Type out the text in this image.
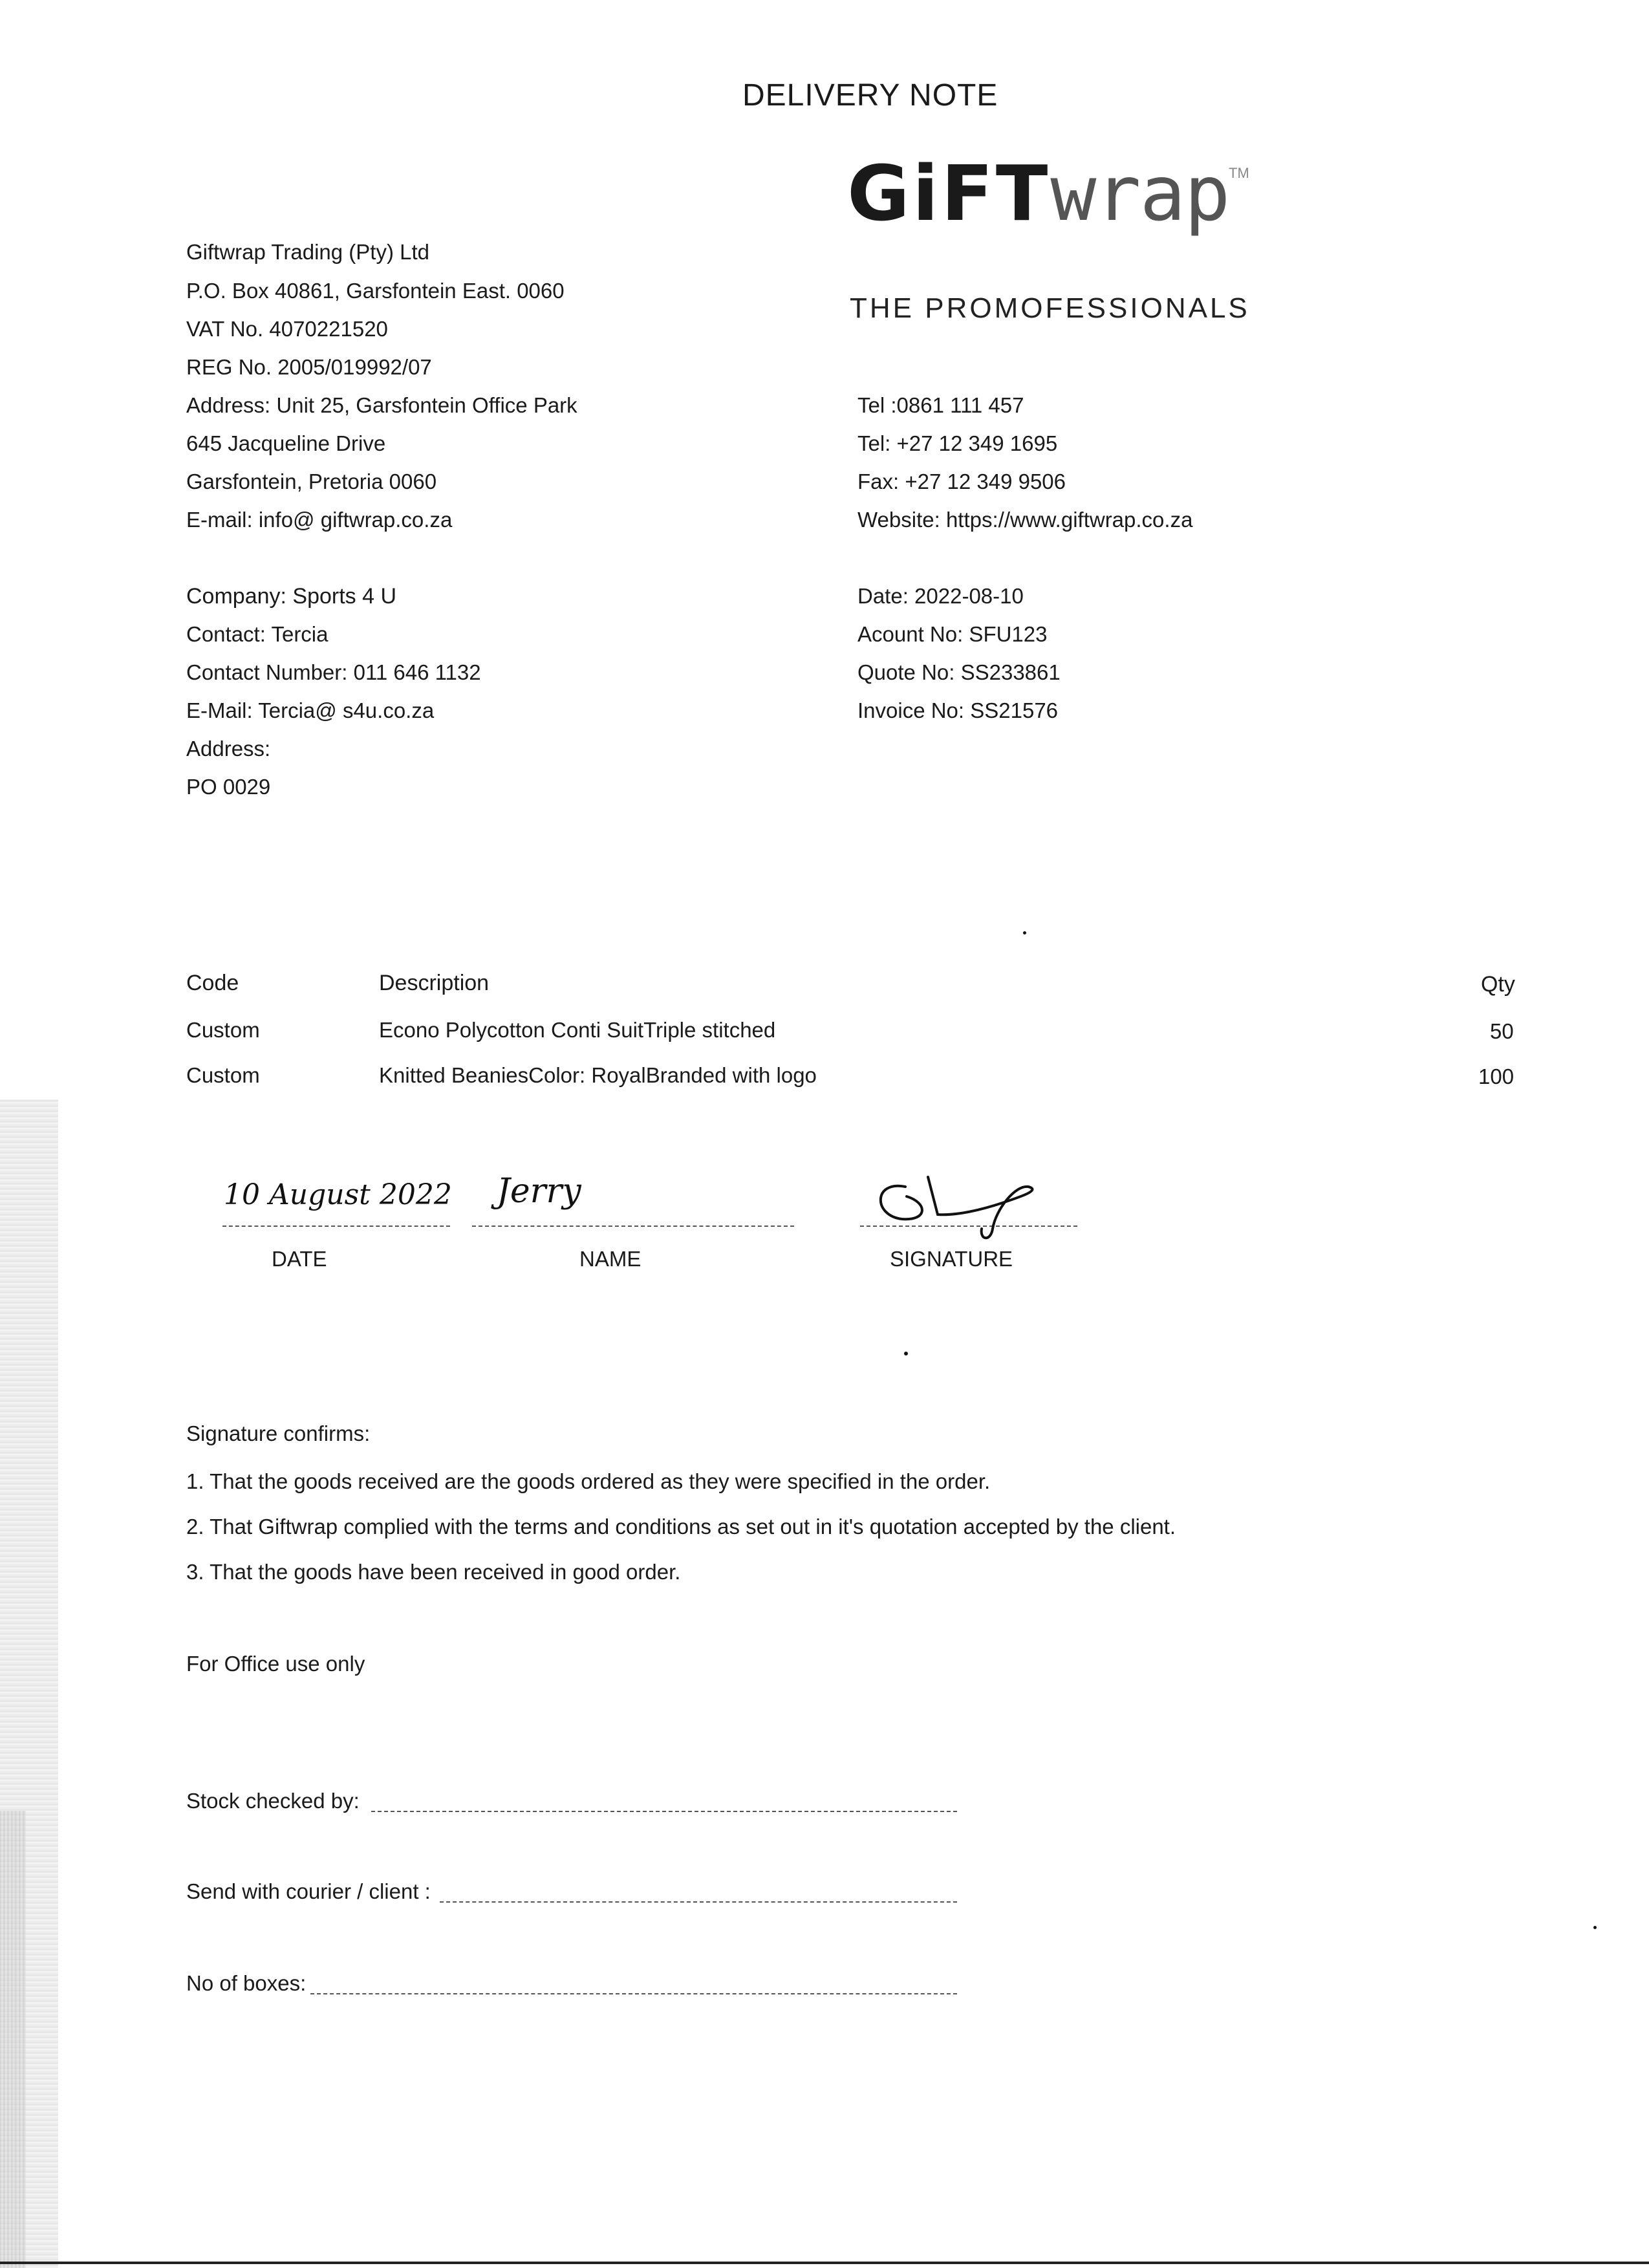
DELIVERY NOTE
GiFTwrap TM
THE PROMOFESSIONALS
Giftwrap Trading (Pty) Ltd
P.O. Box 40861, Garsfontein East. 0060
VAT No. 4070221520
REG No. 2005/019992/07
Address: Unit 25, Garsfontein Office Park
645 Jacqueline Drive
Garsfontein, Pretoria 0060
E-mail: info@ giftwrap.co.za
Tel :0861 111 457
Tel: +27 12 349 1695
Fax: +27 12 349 9506
Website: https://www.giftwrap.co.za
Company: Sports 4 U
Contact: Tercia
Contact Number: 011 646 1132
E-Mail: Tercia@ s4u.co.za
Address:
PO 0029
Date: 2022-08-10
Acount No: SFU123
Quote No: SS233861
Invoice No: SS21576
Code	Description	Qty
Custom	Econo Polycotton Conti SuitTriple stitched	50
Custom	Knitted BeaniesColor: RoyalBranded with logo	100
10 August 2022 Jerry
DATE	NAME	SIGNATURE
Signature confirms:
1. That the goods received are the goods ordered as they were specified in the order.
2. That Giftwrap complied with the terms and conditions as set out in it's quotation accepted by the client.
3. That the goods have been received in good order.
For Office use only
Stock checked by:
Send with courier / client :
No of boxes:
